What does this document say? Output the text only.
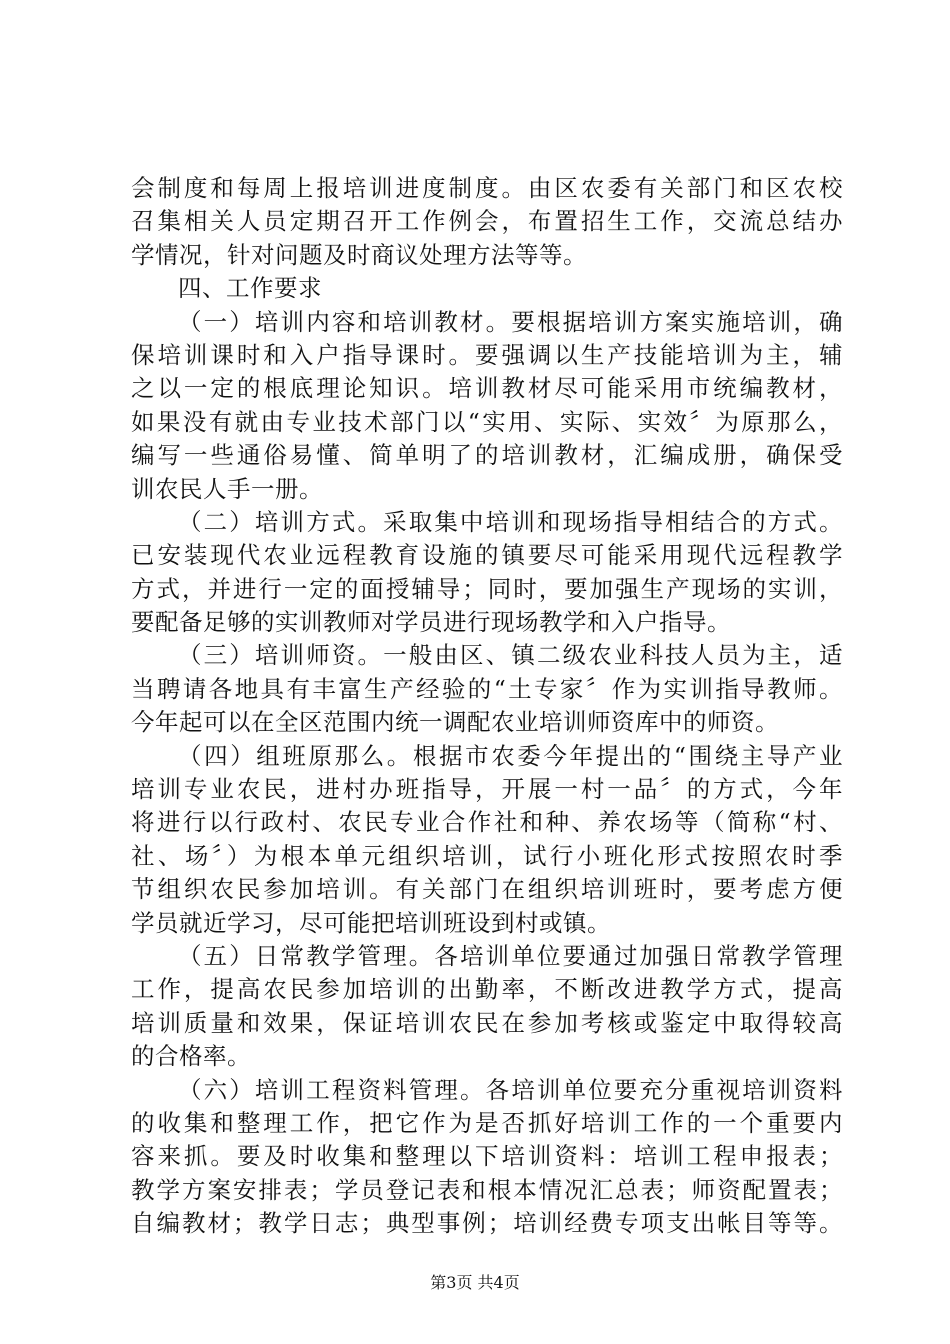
会制度和每周上报培训进度制度。由区农委有关部门和区农校
召集相关人员定期召开工作例会，布置招生工作，交流总结办
学情况，针对问题及时商议处理方法等等。
四、工作要求
（一）培训内容和培训教材。要根据培训方案实施培训，确
保培训课时和入户指导课时。要强调以生产技能培训为主，辅
之以一定的根底理论知识。培训教材尽可能采用市统编教材，
如果没有就由专业技术部门以“实用、实际、实效〞为原那么，
编写一些通俗易懂、简单明了的培训教材，汇编成册，确保受
训农民人手一册。
（二）培训方式。采取集中培训和现场指导相结合的方式。
已安装现代农业远程教育设施的镇要尽可能采用现代远程教学
方式，并进行一定的面授辅导；同时，要加强生产现场的实训，
要配备足够的实训教师对学员进行现场教学和入户指导。
（三）培训师资。一般由区、镇二级农业科技人员为主，适
当聘请各地具有丰富生产经验的“土专家〞作为实训指导教师。
今年起可以在全区范围内统一调配农业培训师资库中的师资。
（四）组班原那么。根据市农委今年提出的“围绕主导产业
培训专业农民，进村办班指导，开展一村一品〞的方式，今年
将进行以行政村、农民专业合作社和种、养农场等（简称“村、
社、场〞）为根本单元组织培训，试行小班化形式按照农时季
节组织农民参加培训。有关部门在组织培训班时，要考虑方便
学员就近学习，尽可能把培训班设到村或镇。
（五）日常教学管理。各培训单位要通过加强日常教学管理
工作，提高农民参加培训的出勤率，不断改进教学方式，提高
培训质量和效果，保证培训农民在参加考核或鉴定中取得较高
的合格率。
（六）培训工程资料管理。各培训单位要充分重视培训资料
的收集和整理工作，把它作为是否抓好培训工作的一个重要内
容来抓。要及时收集和整理以下培训资料：培训工程申报表；
教学方案安排表；学员登记表和根本情况汇总表；师资配置表；
自编教材；教学日志；典型事例；培训经费专项支出帐目等等。
第3页 共4页
